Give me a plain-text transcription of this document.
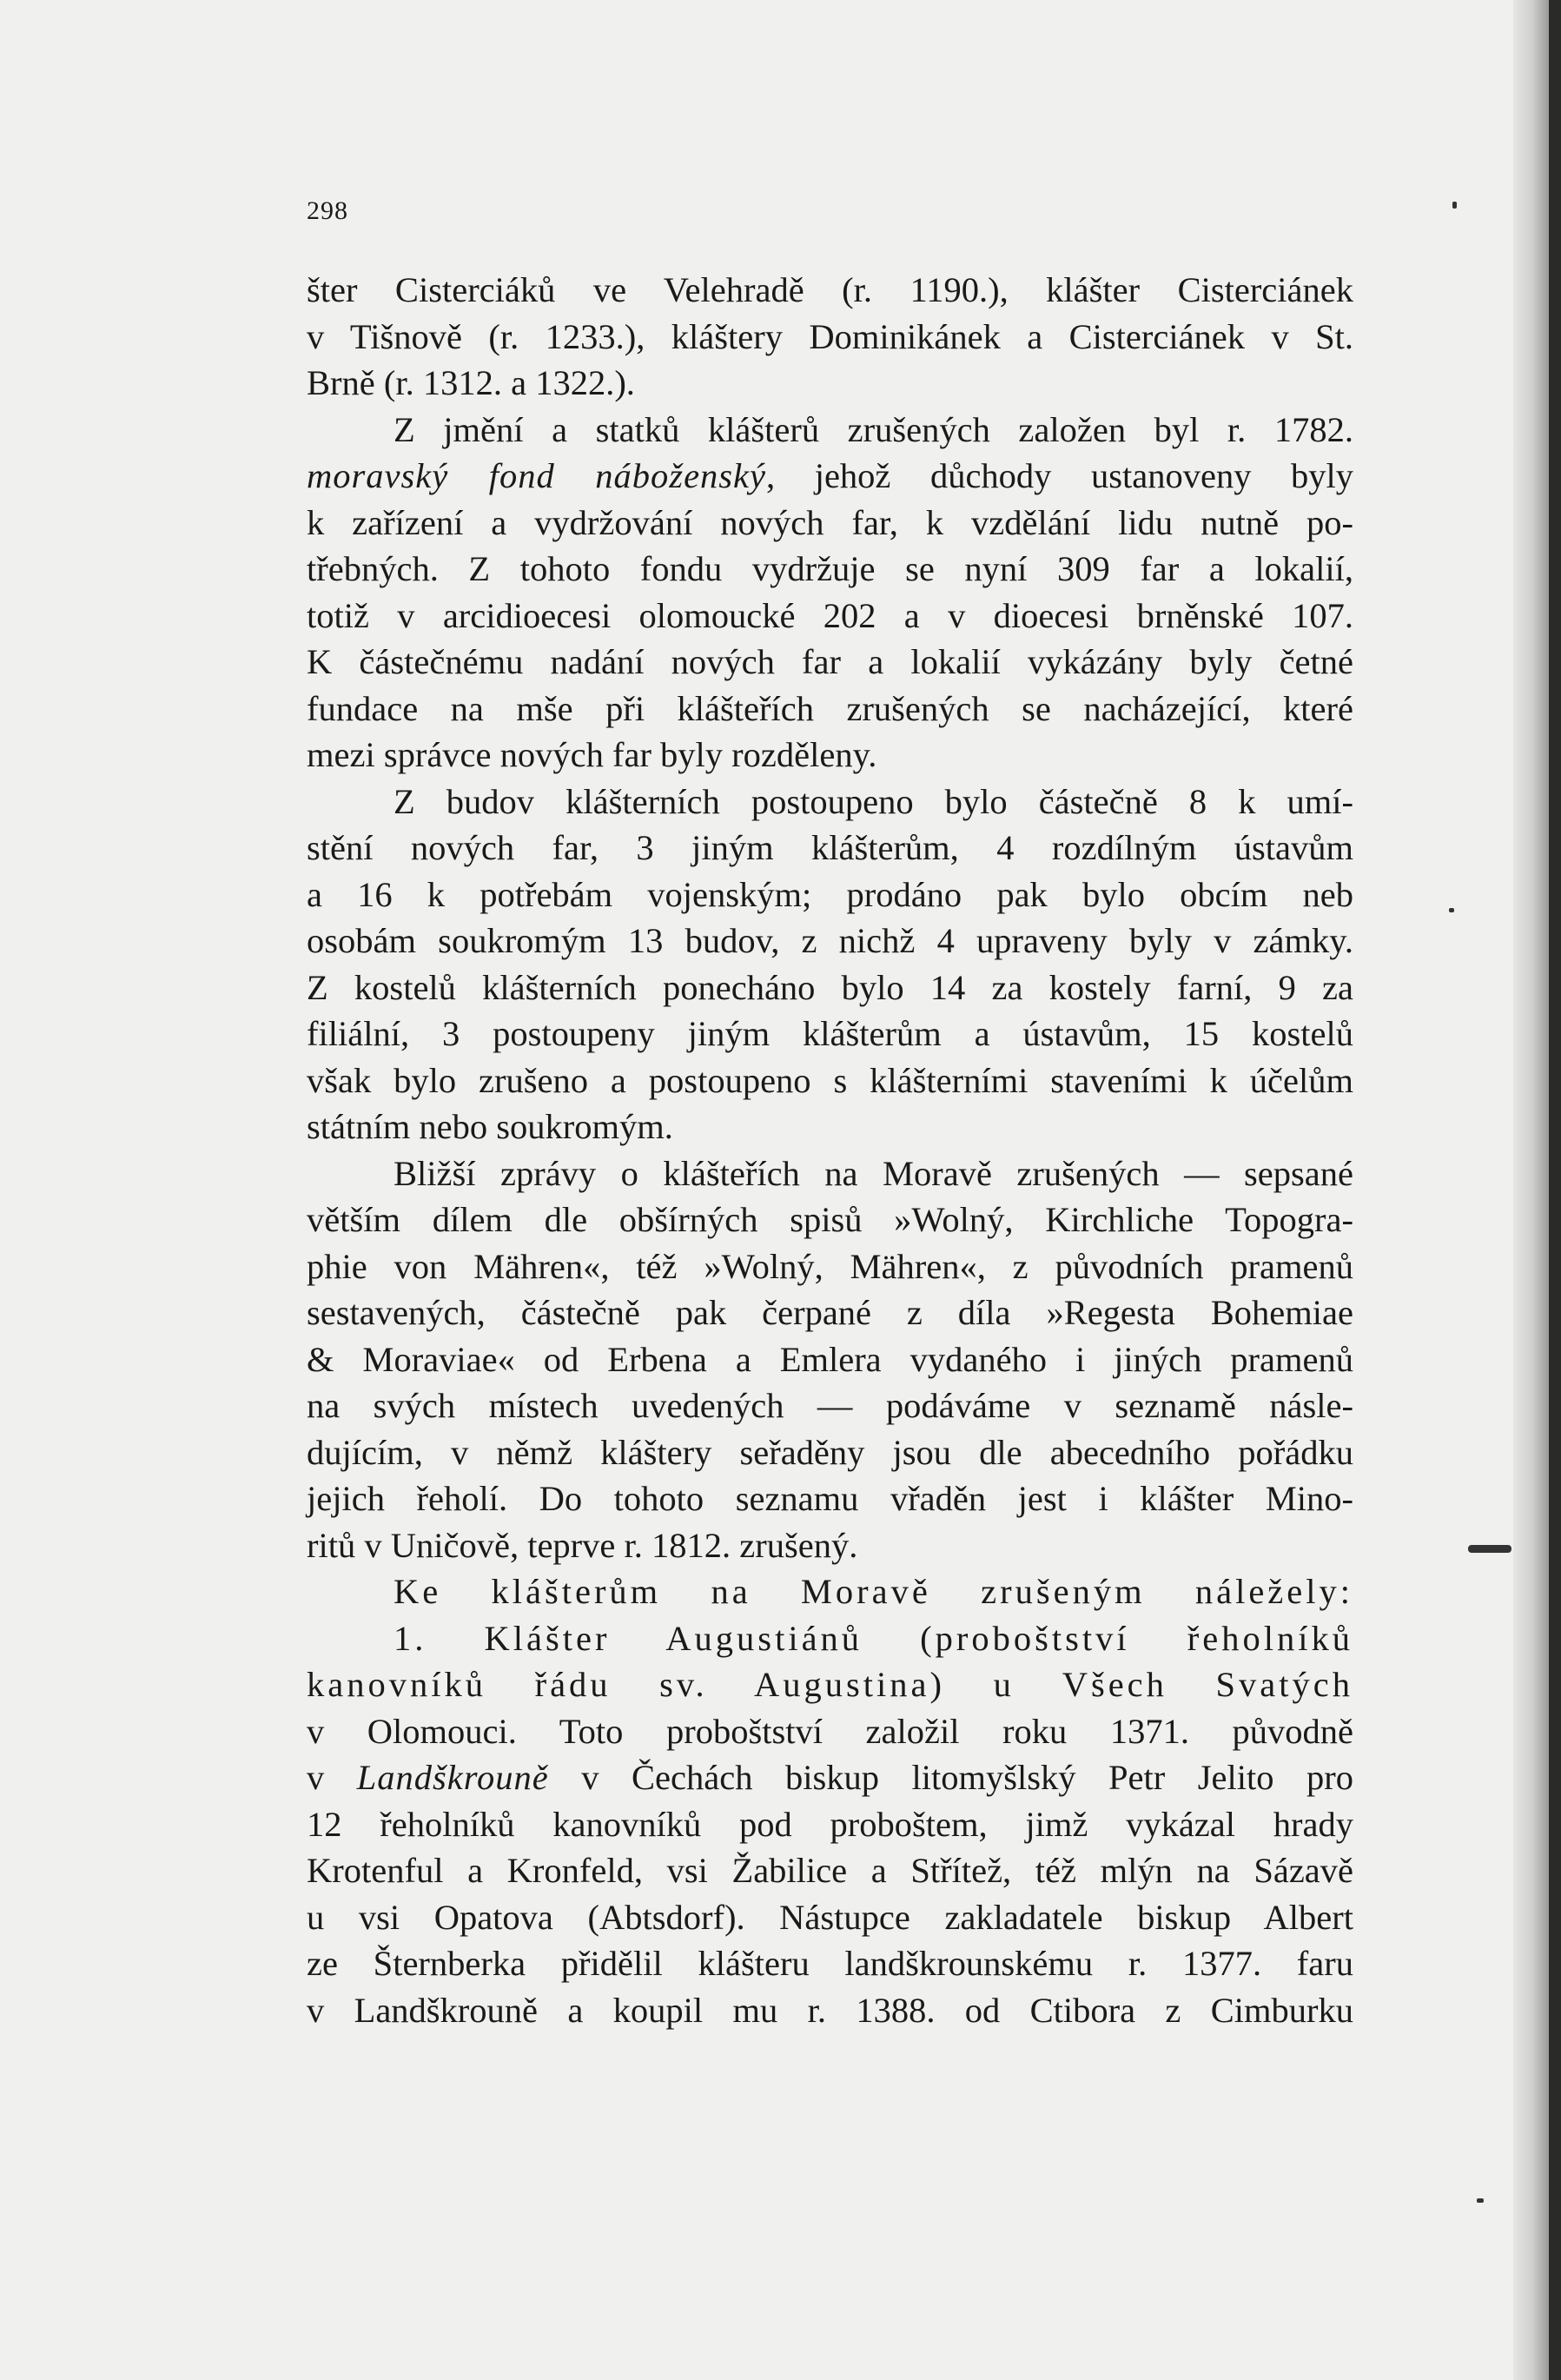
298
šter Cisterciáků ve Velehradě (r. 1190.), klášter Cisterciánek
v Tišnově (r. 1233.), kláštery Dominikánek a Cisterciánek v St.
Brně (r. 1312. a 1322.).
Z jmění a statků klášterů zrušených založen byl r. 1782.
moravský fond náboženský, jehož důchody ustanoveny byly
k zařízení a vydržování nových far, k vzdělání lidu nutně po-
třebných. Z tohoto fondu vydržuje se nyní 309 far a lokalií,
totiž v arcidioecesi olomoucké 202 a v dioecesi brněnské 107.
K částečnému nadání nových far a lokalií vykázány byly četné
fundace na mše při klášteřích zrušených se nacházející, které
mezi správce nových far byly rozděleny.
Z budov klášterních postoupeno bylo částečně 8 k umí-
stění nových far, 3 jiným klášterům, 4 rozdílným ústavům
a 16 k potřebám vojenským; prodáno pak bylo obcím neb
osobám soukromým 13 budov, z nichž 4 upraveny byly v zámky.
Z kostelů klášterních ponecháno bylo 14 za kostely farní, 9 za
filiální, 3 postoupeny jiným klášterům a ústavům, 15 kostelů
však bylo zrušeno a postoupeno s klášterními staveními k účelům
státním nebo soukromým.
Bližší zprávy o klášteřích na Moravě zrušených — sepsané
větším dílem dle obšírných spisů »Wolný, Kirchliche Topogra-
phie von Mähren«, též »Wolný, Mähren«, z původních pramenů
sestavených, částečně pak čerpané z díla »Regesta Bohemiae
& Moraviae« od Erbena a Emlera vydaného i jiných pramenů
na svých místech uvedených — podáváme v seznamě násle-
dujícím, v němž kláštery seřaděny jsou dle abecedního pořádku
jejich řeholí. Do tohoto seznamu vřaděn jest i klášter Mino-
ritů v Uničově, teprve r. 1812. zrušený.
Ke klášterům na Moravě zrušeným náležely:
1. Klášter Augustiánů (proboštství řeholníků
kanovníků řádu sv. Augustina) u Všech Svatých
v Olomouci. Toto proboštství založil roku 1371. původně
v Landškrouně v Čechách biskup litomyšlský Petr Jelito pro
12 řeholníků kanovníků pod proboštem, jimž vykázal hrady
Krotenful a Kronfeld, vsi Žabilice a Střítež, též mlýn na Sázavě
u vsi Opatova (Abtsdorf). Nástupce zakladatele biskup Albert
ze Šternberka přidělil klášteru landškrounskému r. 1377. faru
v Landškrouně a koupil mu r. 1388. od Ctibora z Cimburku
